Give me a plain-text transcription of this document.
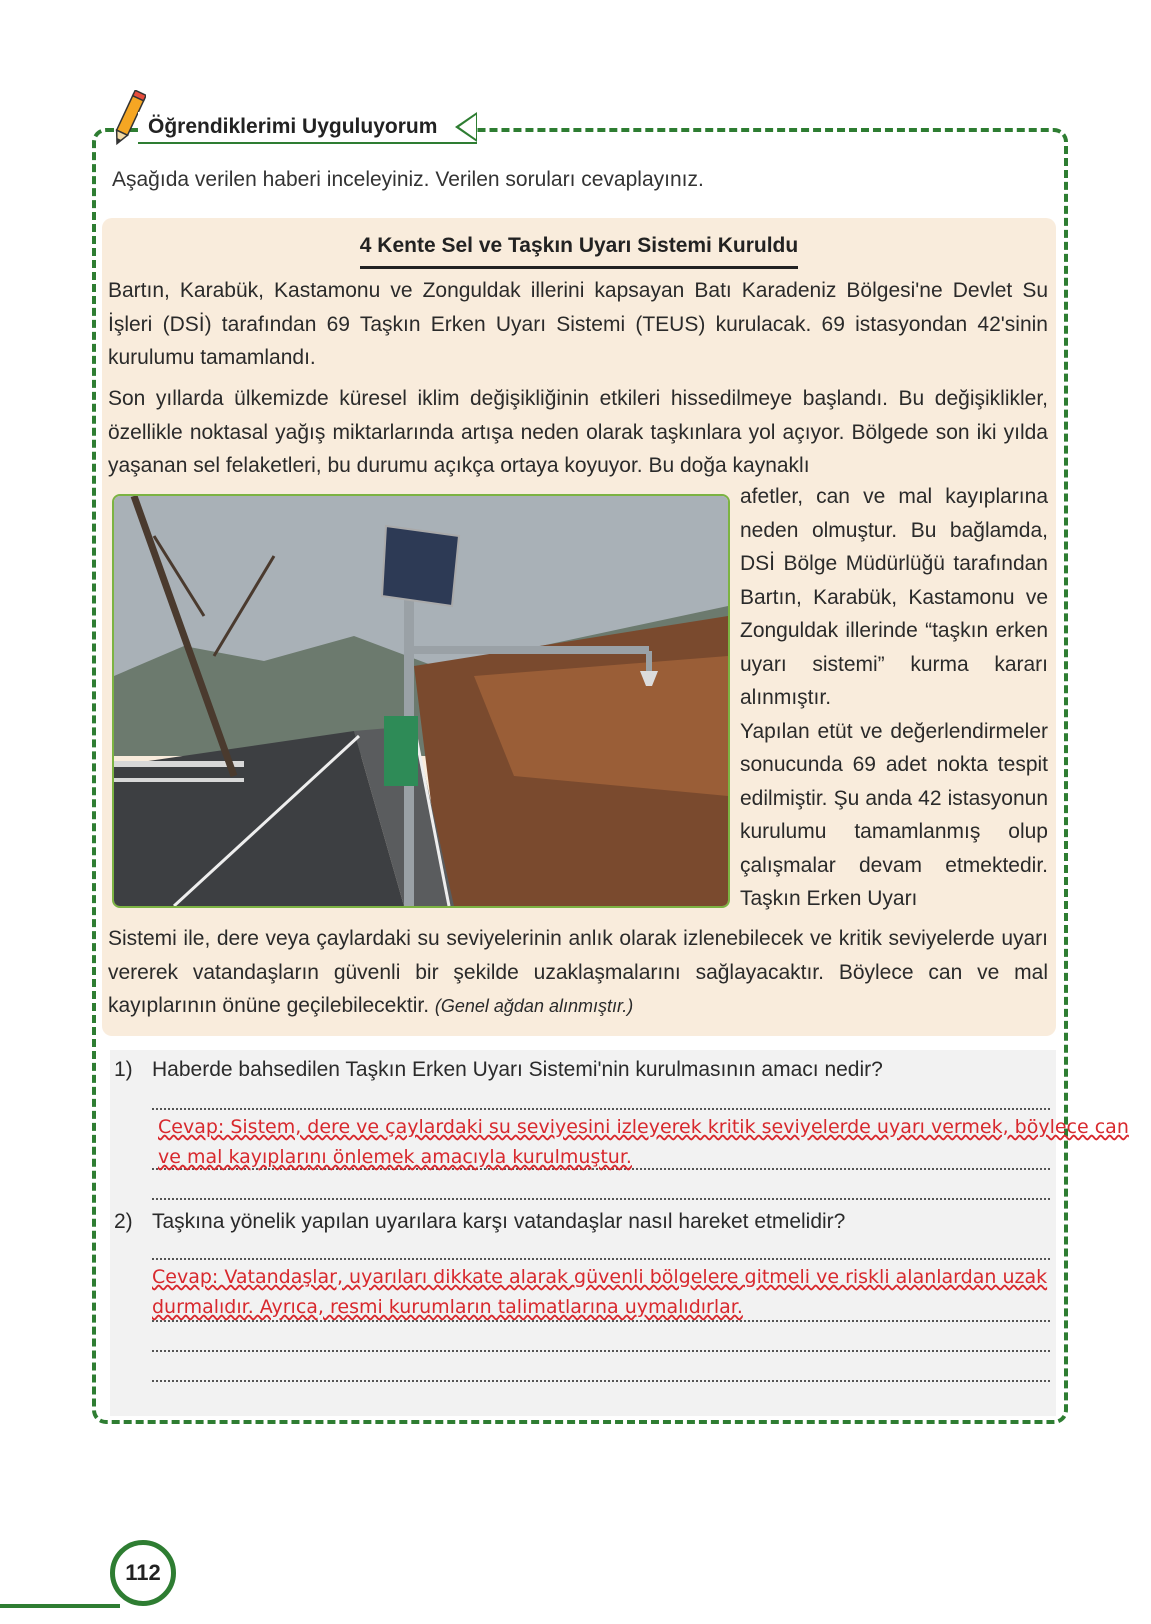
Öğrendiklerimi Uyguluyorum
Aşağıda verilen haberi inceleyiniz. Verilen soruları cevaplayınız.
4 Kente Sel ve Taşkın Uyarı Sistemi Kuruldu
Bartın, Karabük, Kastamonu ve Zonguldak illerini kapsayan Batı Karadeniz Bölgesi'ne Devlet Su İşleri (DSİ) tarafından 69 Taşkın Erken Uyarı Sistemi (TEUS) kurulacak. 69 istasyondan 42'sinin kurulumu tamamlandı.
Son yıllarda ülkemizde küresel iklim değişikliğinin etkileri hissedilmeye başlandı. Bu değişiklikler, özellikle noktasal yağış miktarlarında artışa neden olarak taşkınlara yol açıyor. Bölgede son iki yılda yaşanan sel felaketleri, bu durumu açıkça ortaya koyuyor. Bu doğa kaynaklı
afetler, can ve mal kayıplarına neden olmuştur. Bu bağlamda, DSİ Bölge Müdürlüğü tarafından Bartın, Karabük, Kastamonu ve Zonguldak illerinde “taşkın erken uyarı sistemi” kurma kararı alınmıştır.
Yapılan etüt ve değerlendirmeler sonucunda 69 adet nokta tespit edilmiştir. Şu anda 42 istasyonun kurulumu tamamlanmış olup çalışmalar devam etmektedir. Taşkın Erken Uyarı
Sistemi ile, dere veya çaylardaki su seviyelerinin anlık olarak izlenebilecek ve kritik seviyelerde uyarı vererek vatandaşların güvenli bir şekilde uzaklaşmalarını sağlayacaktır. Böylece can ve mal kayıplarının önüne geçilebilecektir. (Genel ağdan alınmıştır.)
1) Haberde bahsedilen Taşkın Erken Uyarı Sistemi'nin kurulmasının amacı nedir?
Cevap: Sistem, dere ve çaylardaki su seviyesini izleyerek kritik seviyelerde uyarı vermek, böylece can
ve mal kayıplarını önlemek amacıyla kurulmuştur.
2) Taşkına yönelik yapılan uyarılara karşı vatandaşlar nasıl hareket etmelidir?
Cevap: Vatandaşlar, uyarıları dikkate alarak güvenli bölgelere gitmeli ve riskli alanlardan uzak
durmalıdır. Ayrıca, resmi kurumların talimatlarına uymalıdırlar.
112
